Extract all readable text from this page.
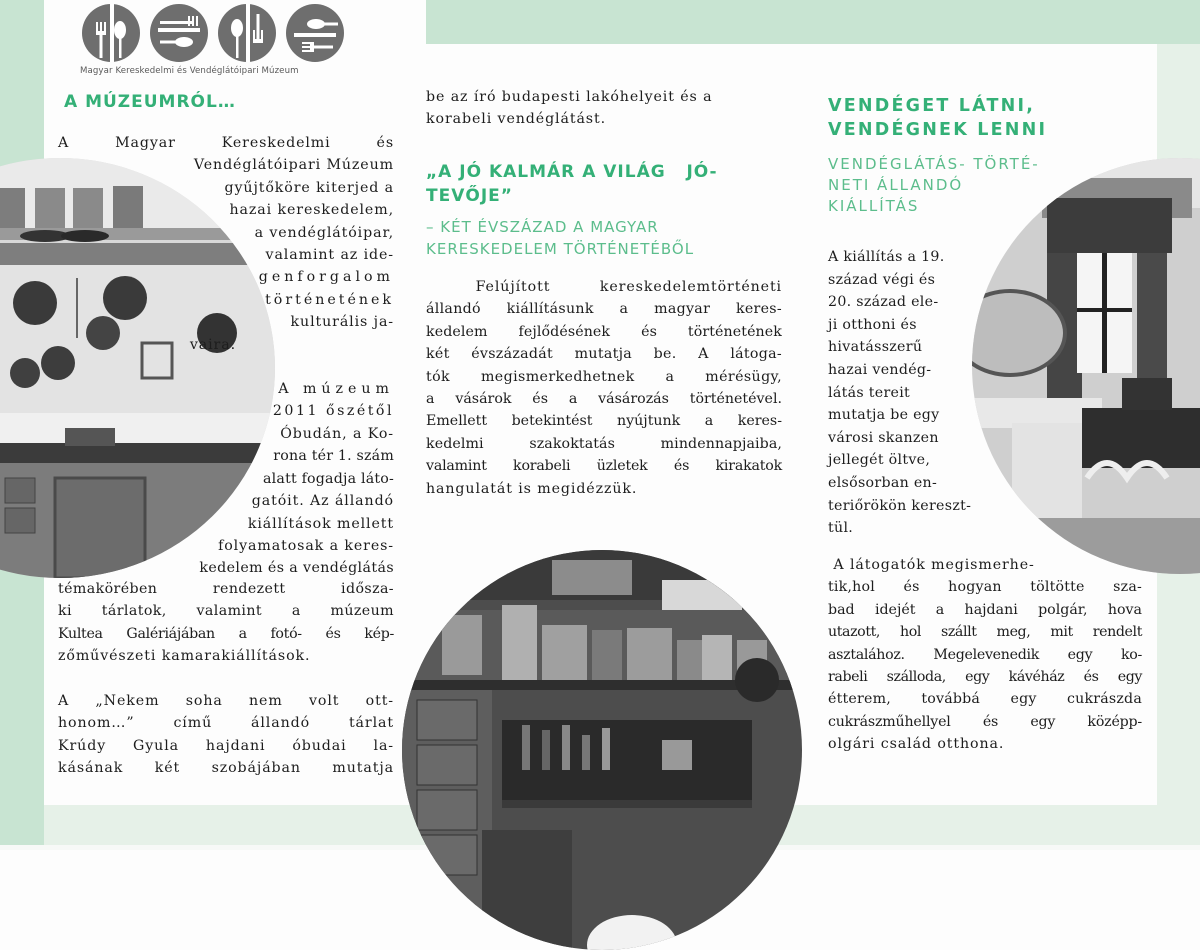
Magyar Kereskedelmi és Vendéglátóipari Múzeum
A MÚZEUMRÓL…
A Magyar Kereskedelmi és
Vendéglátóipari Múzeum
gyűjtőköre kiterjed a
hazai kereskedelem,
a vendéglátóipar,
valamint az ide-
genforgalom
történetének
kulturális ja-
vaira.
A múzeum
2011 őszétől
Óbudán, a Ko-
rona tér 1. szám
alatt fogadja láto-
gatóit. Az állandó
kiállítások mellett
folyamatosak a keres-
kedelem és a vendéglátás
témakörében rendezett idősza-
ki tárlatok, valamint a múzeum
Kultea Galériájában a fotó- és kép-
zőművészeti kamarakiállítások.
A „Nekem soha nem volt ott-
honom…” című állandó tárlat
Krúdy Gyula hajdani óbudai la-
kásának két szobájában mutatja
be az író budapesti lakóhelyeit és a
korabeli vendéglátást.
„A JÓ KALMÁR A VILÁG   JÓ-
TEVŐJE”
– KÉT ÉVSZÁZAD A MAGYAR
KERESKEDELEM TÖRTÉNETÉBŐL
Felújított kereskedelemtörténeti
állandó kiállításunk a magyar keres-
kedelem fejlődésének és történetének
két évszázadát mutatja be. A látoga-
tók megismerkedhetnek a mérésügy,
a vásárok és a vásározás történetével.
Emellett betekintést nyújtunk a keres-
kedelmi szakoktatás mindennapjaiba,
valamint korabeli üzletek és kirakatok
hangulatát is megidézzük.
VENDÉGET LÁTNI,
VENDÉGNEK LENNI
VENDÉGLÁTÁS- TÖRTÉ-
NETI ÁLLANDÓ
KIÁLLÍTÁS
A kiállítás a 19.
század végi és
20. század ele-
ji otthoni és
hivatásszerű
hazai vendég-
látás tereit
mutatja be egy
városi skanzen
jellegét öltve,
elsősorban en-
teriőrökön kereszt-
tül.
A látogatók megismerhe-
tik,hol és hogyan töltötte sza-
bad idejét a hajdani polgár, hova
utazott, hol szállt meg, mit rendelt
asztalához. Megelevenedik egy ko-
rabeli szálloda, egy kávéház és egy
étterem, továbbá egy cukrászda
cukrászműhellyel és egy középp-
olgári család otthona.
